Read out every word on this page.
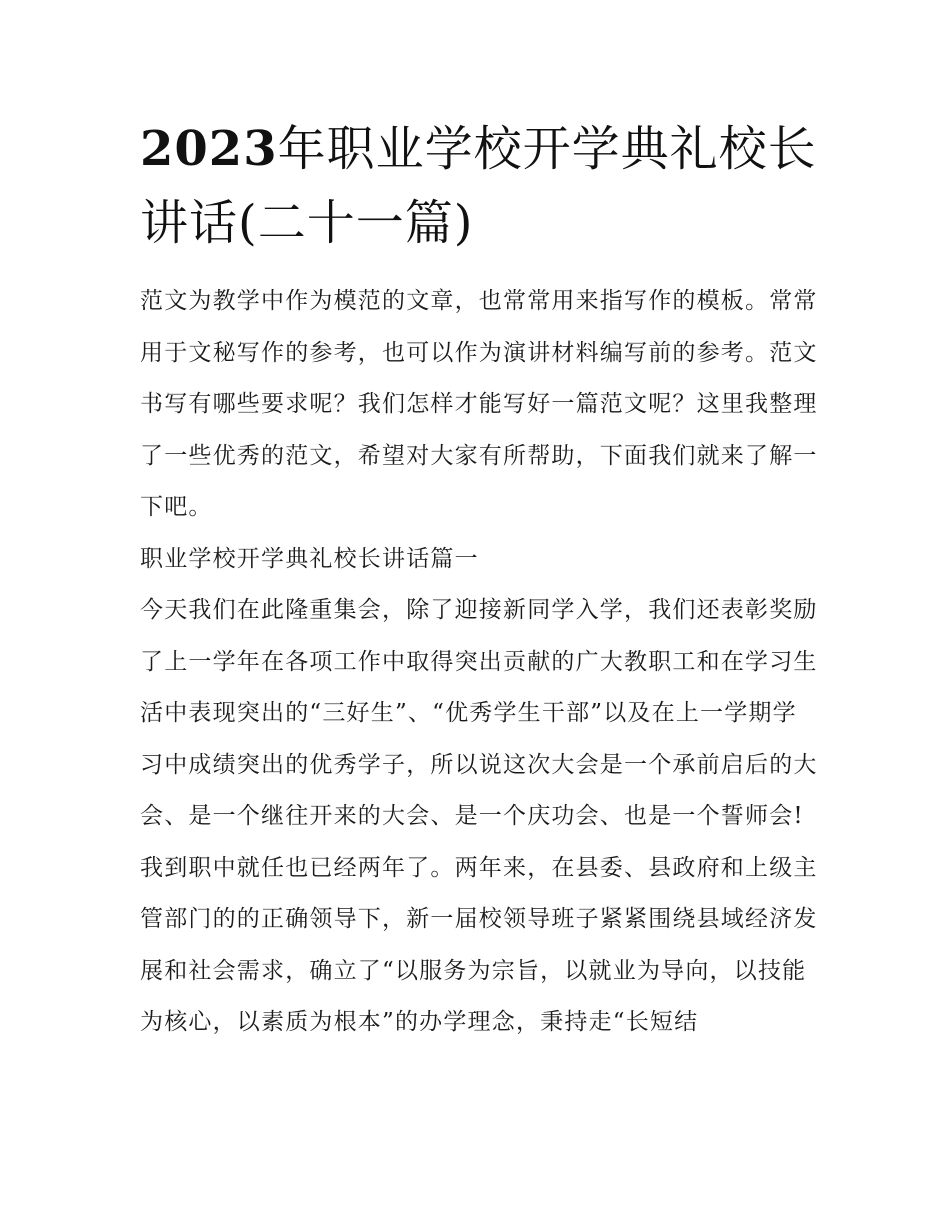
2023年职业学校开学典礼校长讲话(二十一篇)

范文为教学中作为模范的文章，也常常用来指写作的模板。常常用于文秘写作的参考，也可以作为演讲材料编写前的参考。范文书写有哪些要求呢？我们怎样才能写好一篇范文呢？这里我整理了一些优秀的范文，希望对大家有所帮助，下面我们就来了解一下吧。

职业学校开学典礼校长讲话篇一

今天我们在此隆重集会，除了迎接新同学入学，我们还表彰奖励了上一学年在各项工作中取得突出贡献的广大教职工和在学习生活中表现突出的“三好生”、“优秀学生干部”以及在上一学期学习中成绩突出的优秀学子，所以说这次大会是一个承前启后的大会、是一个继往开来的大会、是一个庆功会、也是一个誓师会!

我到职中就任也已经两年了。两年来，在县委、县政府和上级主管部门的的正确领导下，新一届校领导班子紧紧围绕县域经济发展和社会需求，确立了“以服务为宗旨，以就业为导向，以技能为核心，以素质为根本”的办学理念，秉持走“长短结
